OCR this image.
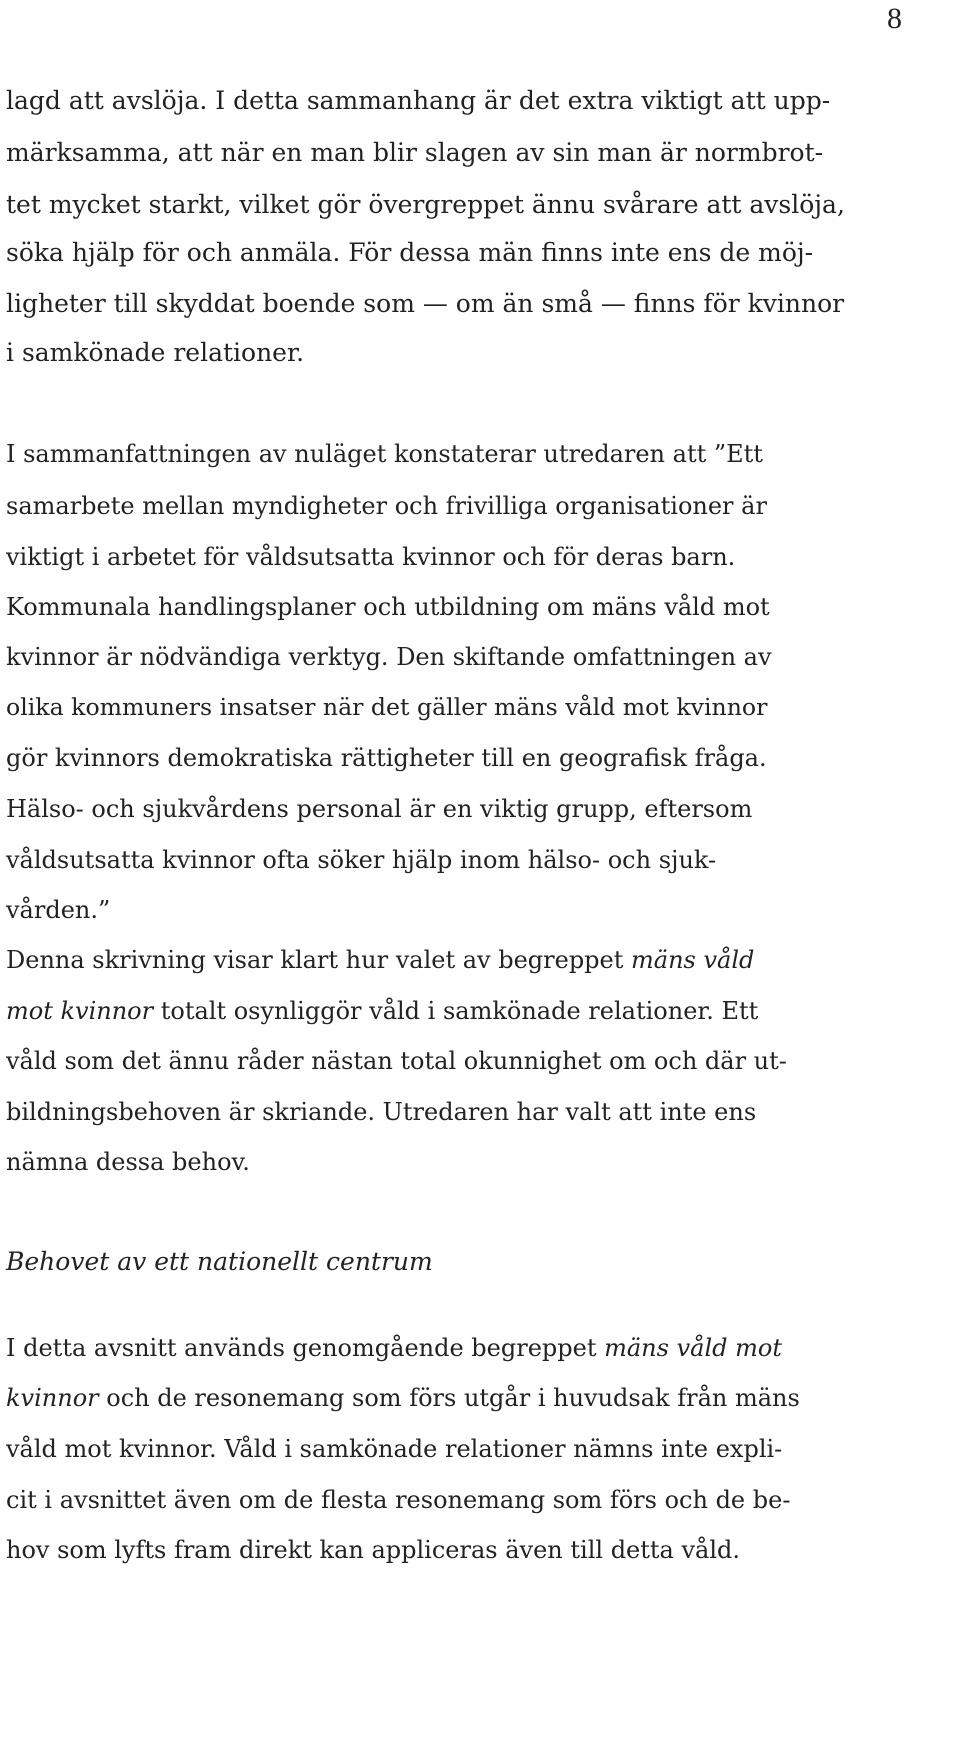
8

lagd att avslöja. I detta sammanhang är det extra viktigt att upp-

märksamma, att när en man blir slagen av sin man är normbrot-

tet mycket starkt, vilket gör övergreppet ännu svårare att avslöja,

söka hjälp för och anmäla. För dessa män finns inte ens de möj-

ligheter till skyddat boende som — om än små — finns för kvinnor

i samkönade relationer.

I sammanfattningen av nuläget konstaterar utredaren att ”Ett

samarbete mellan myndigheter och frivilliga organisationer är

viktigt i arbetet för våldsutsatta kvinnor och för deras barn.

Kommunala handlingsplaner och utbildning om mäns våld mot

kvinnor är nödvändiga verktyg. Den skiftande omfattningen av

olika kommuners insatser när det gäller mäns våld mot kvinnor

gör kvinnors demokratiska rättigheter till en geografisk fråga.

Hälso- och sjukvårdens personal är en viktig grupp, eftersom

våldsutsatta kvinnor ofta söker hjälp inom hälso- och sjuk-

vården.”

Denna skrivning visar klart hur valet av begreppet mäns våld

mot kvinnor totalt osynliggör våld i samkönade relationer. Ett

våld som det ännu råder nästan total okunnighet om och där ut-

bildningsbehoven är skriande. Utredaren har valt att inte ens

nämna dessa behov.

Behovet av ett nationellt centrum

I detta avsnitt används genomgående begreppet mäns våld mot

kvinnor och de resonemang som förs utgår i huvudsak från mäns

våld mot kvinnor. Våld i samkönade relationer nämns inte expli-

cit i avsnittet även om de flesta resonemang som förs och de be-

hov som lyfts fram direkt kan appliceras även till detta våld.
